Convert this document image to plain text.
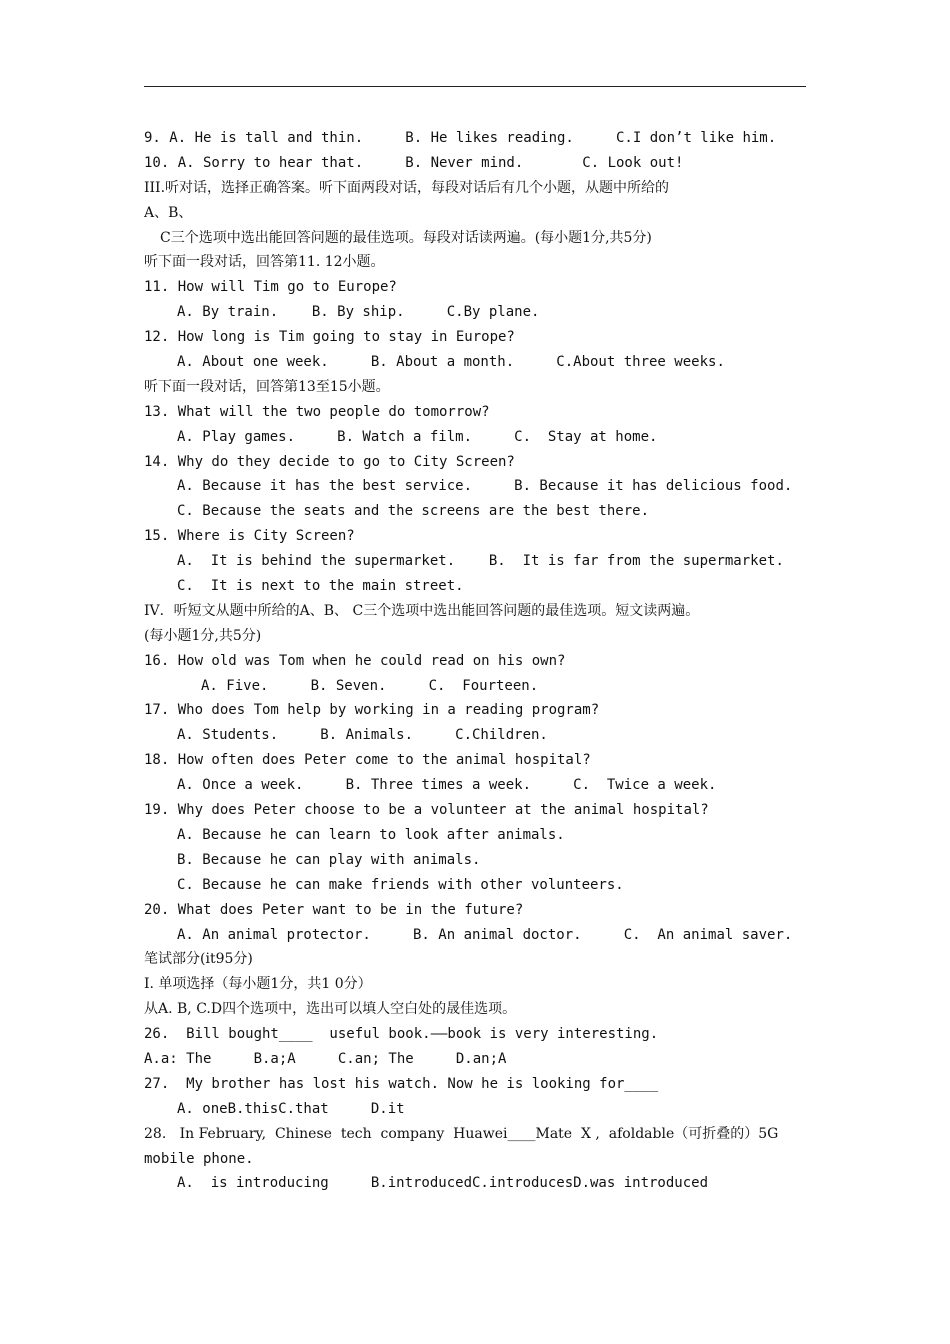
9. A. He is tall and thin.     B. He likes reading.     C.I don’t like him.
10. A. Sorry to hear that.     B. Never mind.       C. Look out!
III.听对话，选择正确答案。听下面两段对话，每段对话后有几个小题，从题中所给的
A、B、
C三个选项中选出能回答问题的最佳选项。每段对话读两遍。(每小题1分,共5分)
听下面一段对话，回答第11. 12小题。
11. How will Tim go to Europe?
A. By train.    B. By ship.     C.By plane.
12. How long is Tim going to stay in Europe?
A. About one week.     B. About a month.     C.About three weeks.
听下面一段对话，回答第13至15小题。
13. What will the two people do tomorrow?
A. Play games.     B. Watch a film.     C.  Stay at home.
14. Why do they decide to go to City Screen?
A. Because it has the best service.     B. Because it has delicious food.
C. Because the seats and the screens are the best there.
15. Where is City Screen?
A.  It is behind the supermarket.    B.  It is far from the supermarket.
C.  It is next to the main street.
IV．听短文从题中所给的A、B、 C三个选项中选出能回答问题的最佳选项。短文读两遍。
(每小题1分,共5分)
16. How old was Tom when he could read on his own?
A. Five.     B. Seven.     C.  Fourteen.
17. Who does Tom help by working in a reading program?
A. Students.     B. Animals.     C.Children.
18. How often does Peter come to the animal hospital?
A. Once a week.     B. Three times a week.     C.  Twice a week.
19. Why does Peter choose to be a volunteer at the animal hospital?
A. Because he can learn to look after animals.
B. Because he can play with animals.
C. Because he can make friends with other volunteers.
20. What does Peter want to be in the future?
A. An animal protector.     B. An animal doctor.     C.  An animal saver.
笔试部分(it95分)
I. 单项选择（每小题1分，共1 0分）
从A. B, C.D四个选项中，选出可以填人空白处的晟佳选项。
26.  Bill bought____  useful book.——book is very interesting.
A.a: The     B.a;A     C.an; The     D.an;A
27.  My brother has lost his watch. Now he is looking for____
A. oneB.thisC.that     D.it
28.   In February,  Chinese  tech  company  Huawei____Mate  X ,  afoldable（可折叠的）5G
mobile phone.
A.  is introducing     B.introducedC.introducesD.was introduced
